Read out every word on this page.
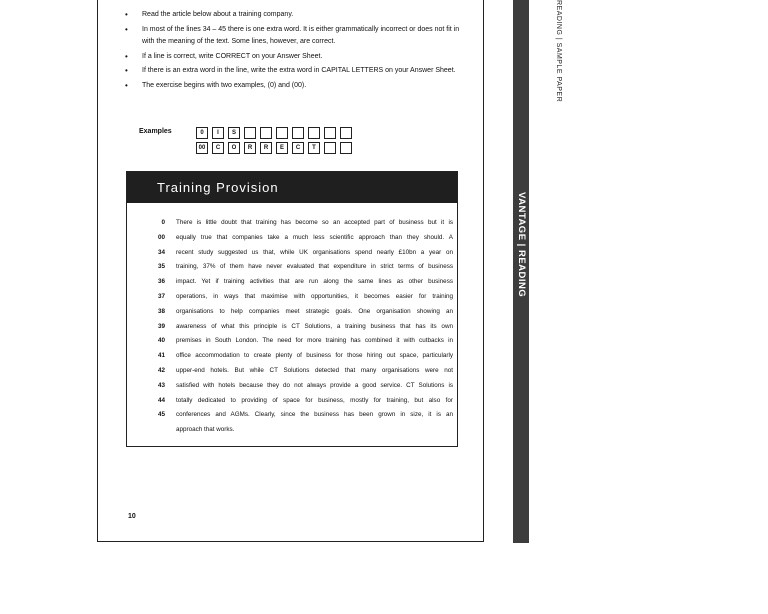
• Read the article below about a training company.
• In most of the lines 34 – 45 there is one extra word. It is either grammatically incorrect or does not fit in with the meaning of the text. Some lines, however, are correct.
• If a line is correct, write CORRECT on your Answer Sheet.
• If there is an extra word in the line, write the extra word in CAPITAL LETTERS on your Answer Sheet.
• The exercise begins with two examples, (0) and (00).
Examples	0	I	S
00	C	O	R	R	E	C	T
Training Provision
0 There is little doubt that training has become so an accepted part of business but it is
00 equally true that companies take a much less scientific approach than they should. A
34 recent study suggested us that, while UK organisations spend nearly £10bn a year on
35 training, 37% of them have never evaluated that expenditure in strict terms of business
36 impact. Yet if training activities that are run along the same lines as other business
37 operations, in ways that maximise with opportunities, it becomes easier for training
38 organisations to help companies meet strategic goals. One organisation showing an
39 awareness of what this principle is CT Solutions, a training business that has its own
40 premises in South London. The need for more training has combined it with cutbacks in
41 office accommodation to create plenty of business for those hiring out space, particularly
42 upper-end hotels. But while CT Solutions detected that many organisations were not
43 satisfied with hotels because they do not always provide a good service. CT Solutions is
44 totally dedicated to providing of space for business, mostly for training, but also for
45 conferences and AGMs. Clearly, since the business has been grown in size, it is an
approach that works.
10
VANTAGE | READING
READING | SAMPLE PAPER
